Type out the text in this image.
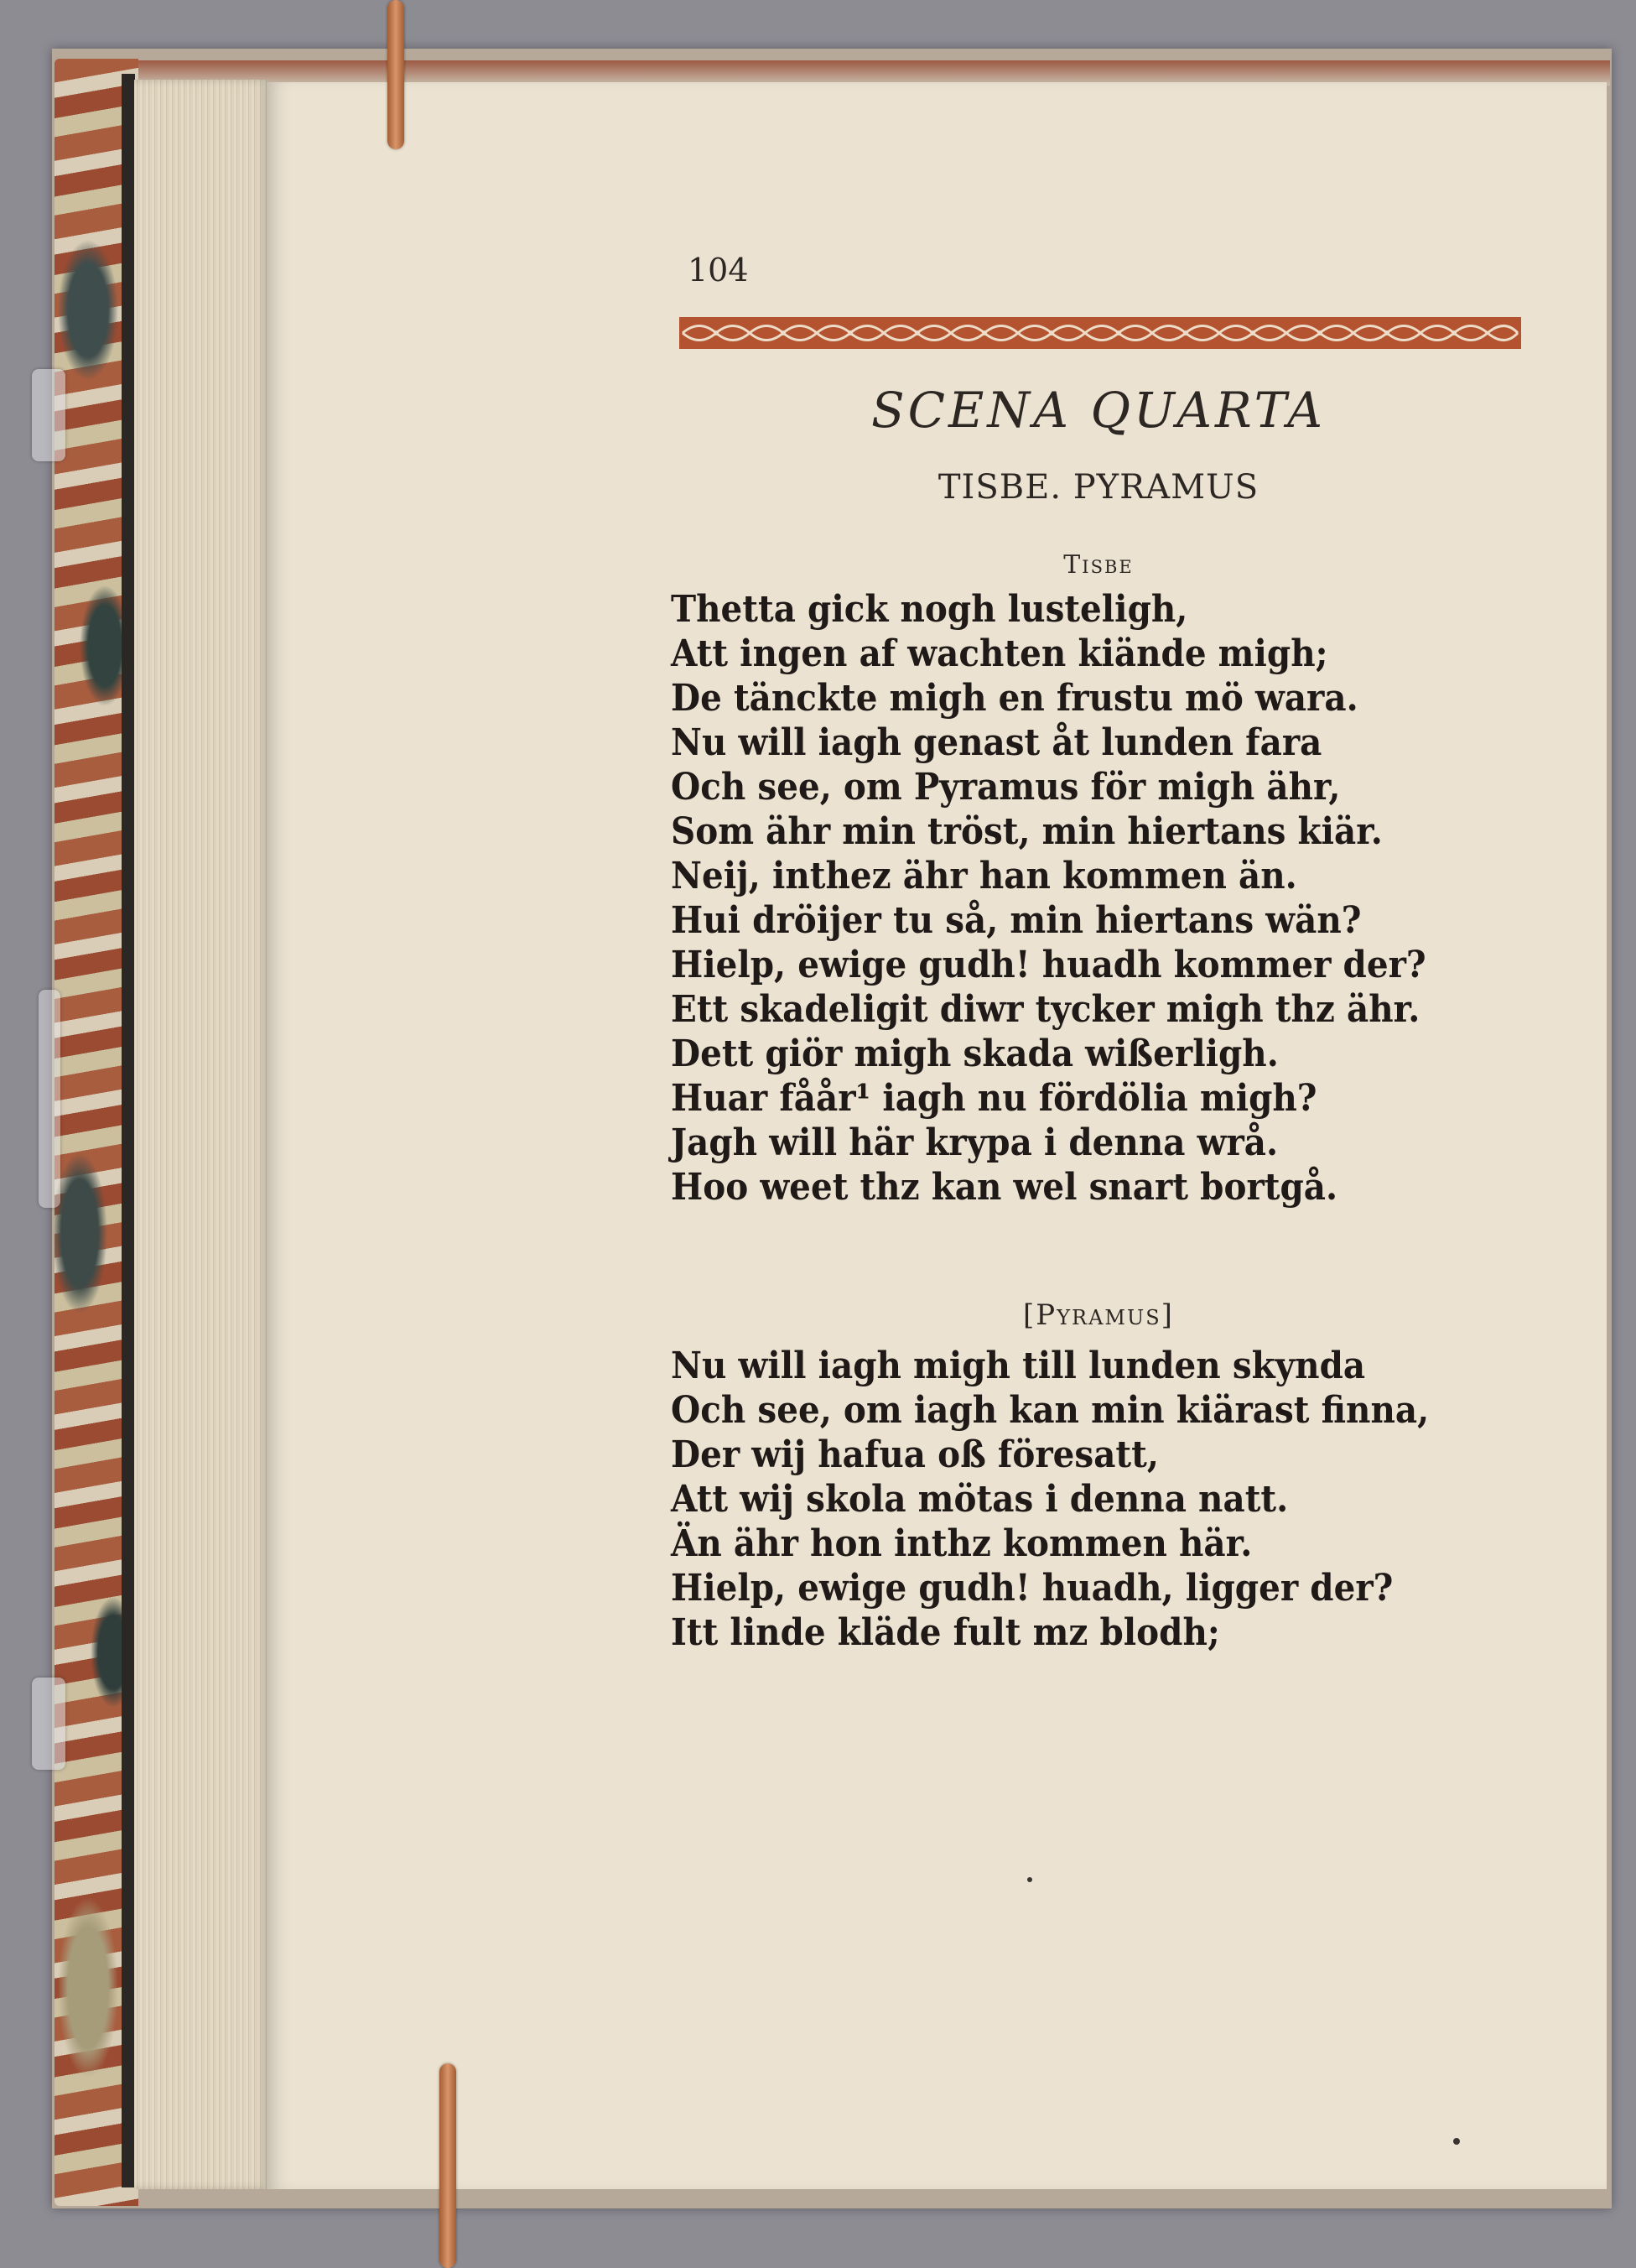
104
SCENA QUARTA
TISBE. PYRAMUS
Tisbe
Thetta gick nogh lusteligh,
Att ingen af wachten kiände migh;
De tänckte migh en frustu mö wara.
Nu will iagh genast åt lunden fara
Och see, om Pyramus för migh ähr,
Som ähr min tröst, min hiertans kiär.
Neij, inthez ähr han kommen än.
Hui dröijer tu så, min hiertans wän?
Hielp, ewige gudh! huadh kommer der?
Ett skadeligit diwr tycker migh thz ähr.
Dett giör migh skada wißerligh.
Huar fåår¹ iagh nu fördölia migh?
Jagh will här krypa i denna wrå.
Hoo weet thz kan wel snart bortgå.
[Pyramus]
Nu will iagh migh till lunden skynda
Och see, om iagh kan min kiärast finna,
Der wij hafua oß föresatt,
Att wij skola mötas i denna natt.
Än ähr hon inthz kommen här.
Hielp, ewige gudh! huadh, ligger der?
Itt linde kläde fult mz blodh;
